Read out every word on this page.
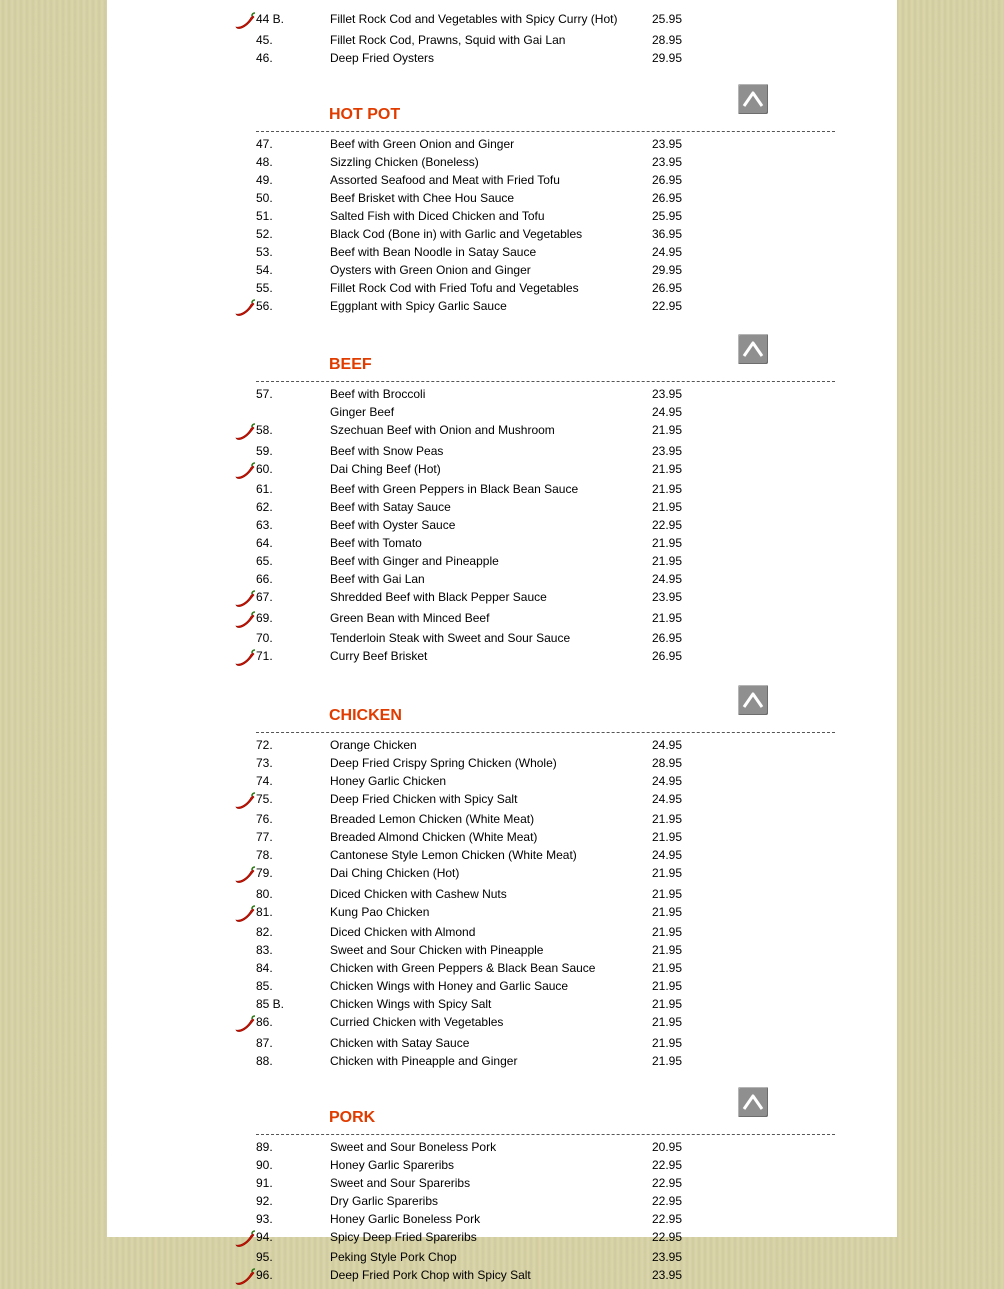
44 B.	Fillet Rock Cod and Vegetables with Spicy Curry (Hot)	25.95
45.	Fillet Rock Cod, Prawns, Squid with Gai Lan	28.95
46.	Deep Fried Oysters	29.95
HOT POT
47.	Beef with Green Onion and Ginger	23.95
48.	Sizzling Chicken (Boneless)	23.95
49.	Assorted Seafood and Meat with Fried Tofu	26.95
50.	Beef Brisket with Chee Hou Sauce	26.95
51.	Salted Fish with Diced Chicken and Tofu	25.95
52.	Black Cod (Bone in) with Garlic and Vegetables	36.95
53.	Beef with Bean Noodle in Satay Sauce	24.95
54.	Oysters with Green Onion and Ginger	29.95
55.	Fillet Rock Cod with Fried Tofu and Vegetables	26.95
56.	Eggplant with Spicy Garlic Sauce	22.95
BEEF
57.	Beef with Broccoli	23.95
Ginger Beef	24.95
58.	Szechuan Beef with Onion and Mushroom	21.95
59.	Beef with Snow Peas	23.95
60.	Dai Ching Beef (Hot)	21.95
61.	Beef with Green Peppers in Black Bean Sauce	21.95
62.	Beef with Satay Sauce	21.95
63.	Beef with Oyster Sauce	22.95
64.	Beef with Tomato	21.95
65.	Beef with Ginger and Pineapple	21.95
66.	Beef with Gai Lan	24.95
67.	Shredded Beef with Black Pepper Sauce	23.95
69.	Green Bean with Minced Beef	21.95
70.	Tenderloin Steak with Sweet and Sour Sauce	26.95
71.	Curry Beef Brisket	26.95
CHICKEN
72.	Orange Chicken	24.95
73.	Deep Fried Crispy Spring Chicken (Whole)	28.95
74.	Honey Garlic Chicken	24.95
75.	Deep Fried Chicken with Spicy Salt	24.95
76.	Breaded Lemon Chicken (White Meat)	21.95
77.	Breaded Almond Chicken (White Meat)	21.95
78.	Cantonese Style Lemon Chicken (White Meat)	24.95
79.	Dai Ching Chicken (Hot)	21.95
80.	Diced Chicken with Cashew Nuts	21.95
81.	Kung Pao Chicken	21.95
82.	Diced Chicken with Almond	21.95
83.	Sweet and Sour Chicken with Pineapple	21.95
84.	Chicken with Green Peppers & Black Bean Sauce	21.95
85.	Chicken Wings with Honey and Garlic Sauce	21.95
85 B.	Chicken Wings with Spicy Salt	21.95
86.	Curried Chicken with Vegetables	21.95
87.	Chicken with Satay Sauce	21.95
88.	Chicken with Pineapple and Ginger	21.95
PORK
89.	Sweet and Sour Boneless Pork	20.95
90.	Honey Garlic Spareribs	22.95
91.	Sweet and Sour Spareribs	22.95
92.	Dry Garlic Spareribs	22.95
93.	Honey Garlic Boneless Pork	22.95
94.	Spicy Deep Fried Spareribs	22.95
95.	Peking Style Pork Chop	23.95
96.	Deep Fried Pork Chop with Spicy Salt	23.95
